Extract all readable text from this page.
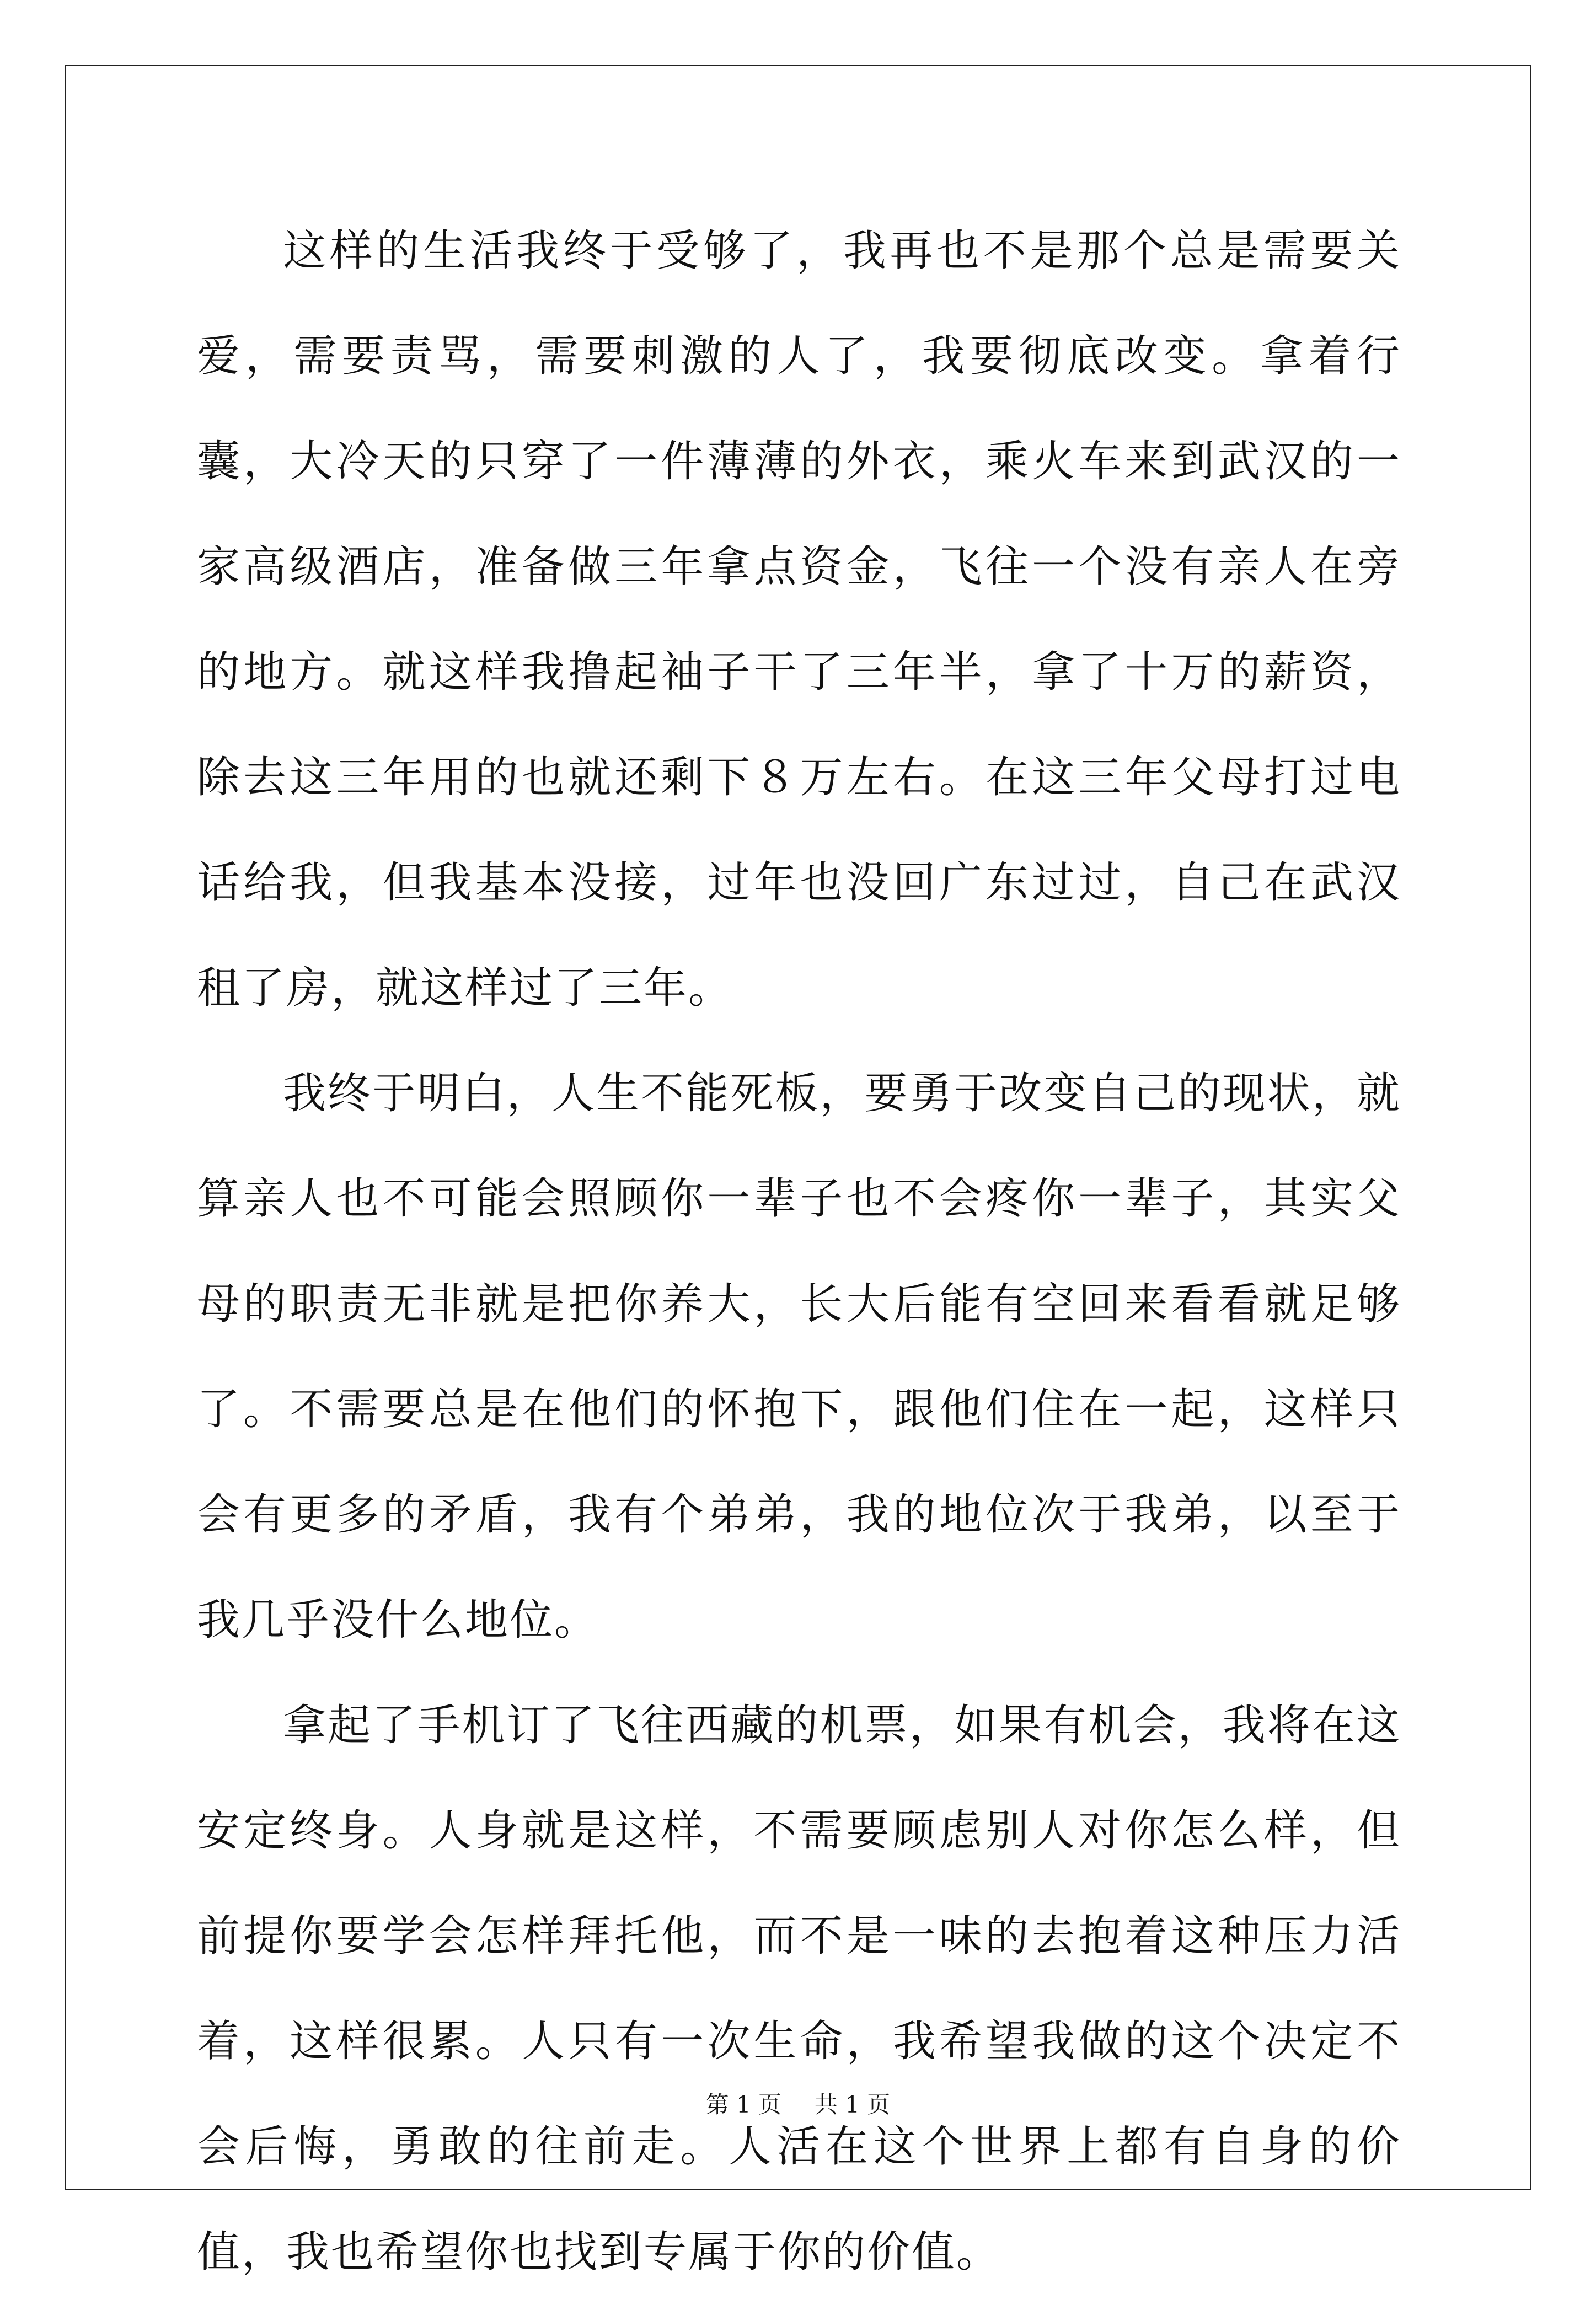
这样的生活我终于受够了，我再也不是那个总是需要关爱，需要责骂，需要刺激的人了，我要彻底改变。拿着行囊，大冷天的只穿了一件薄薄的外衣，乘火车来到武汉的一家高级酒店，准备做三年拿点资金，飞往一个没有亲人在旁的地方。就这样我撸起袖子干了三年半，拿了十万的薪资，除去这三年用的也就还剩下８万左右。在这三年父母打过电话给我，但我基本没接，过年也没回广东过过，自己在武汉租了房，就这样过了三年。

我终于明白，人生不能死板，要勇于改变自己的现状，就算亲人也不可能会照顾你一辈子也不会疼你一辈子，其实父母的职责无非就是把你养大，长大后能有空回来看看就足够了。不需要总是在他们的怀抱下，跟他们住在一起，这样只会有更多的矛盾，我有个弟弟，我的地位次于我弟，以至于我几乎没什么地位。

拿起了手机订了飞往西藏的机票，如果有机会，我将在这安定终身。人身就是这样，不需要顾虑别人对你怎么样，但前提你要学会怎样拜托他，而不是一味的去抱着这种压力活着，这样很累。人只有一次生命，我希望我做的这个决定不会后悔，勇敢的往前走。人活在这个世界上都有自身的价值，我也希望你也找到专属于你的价值。

第 1 页 共 1 页
